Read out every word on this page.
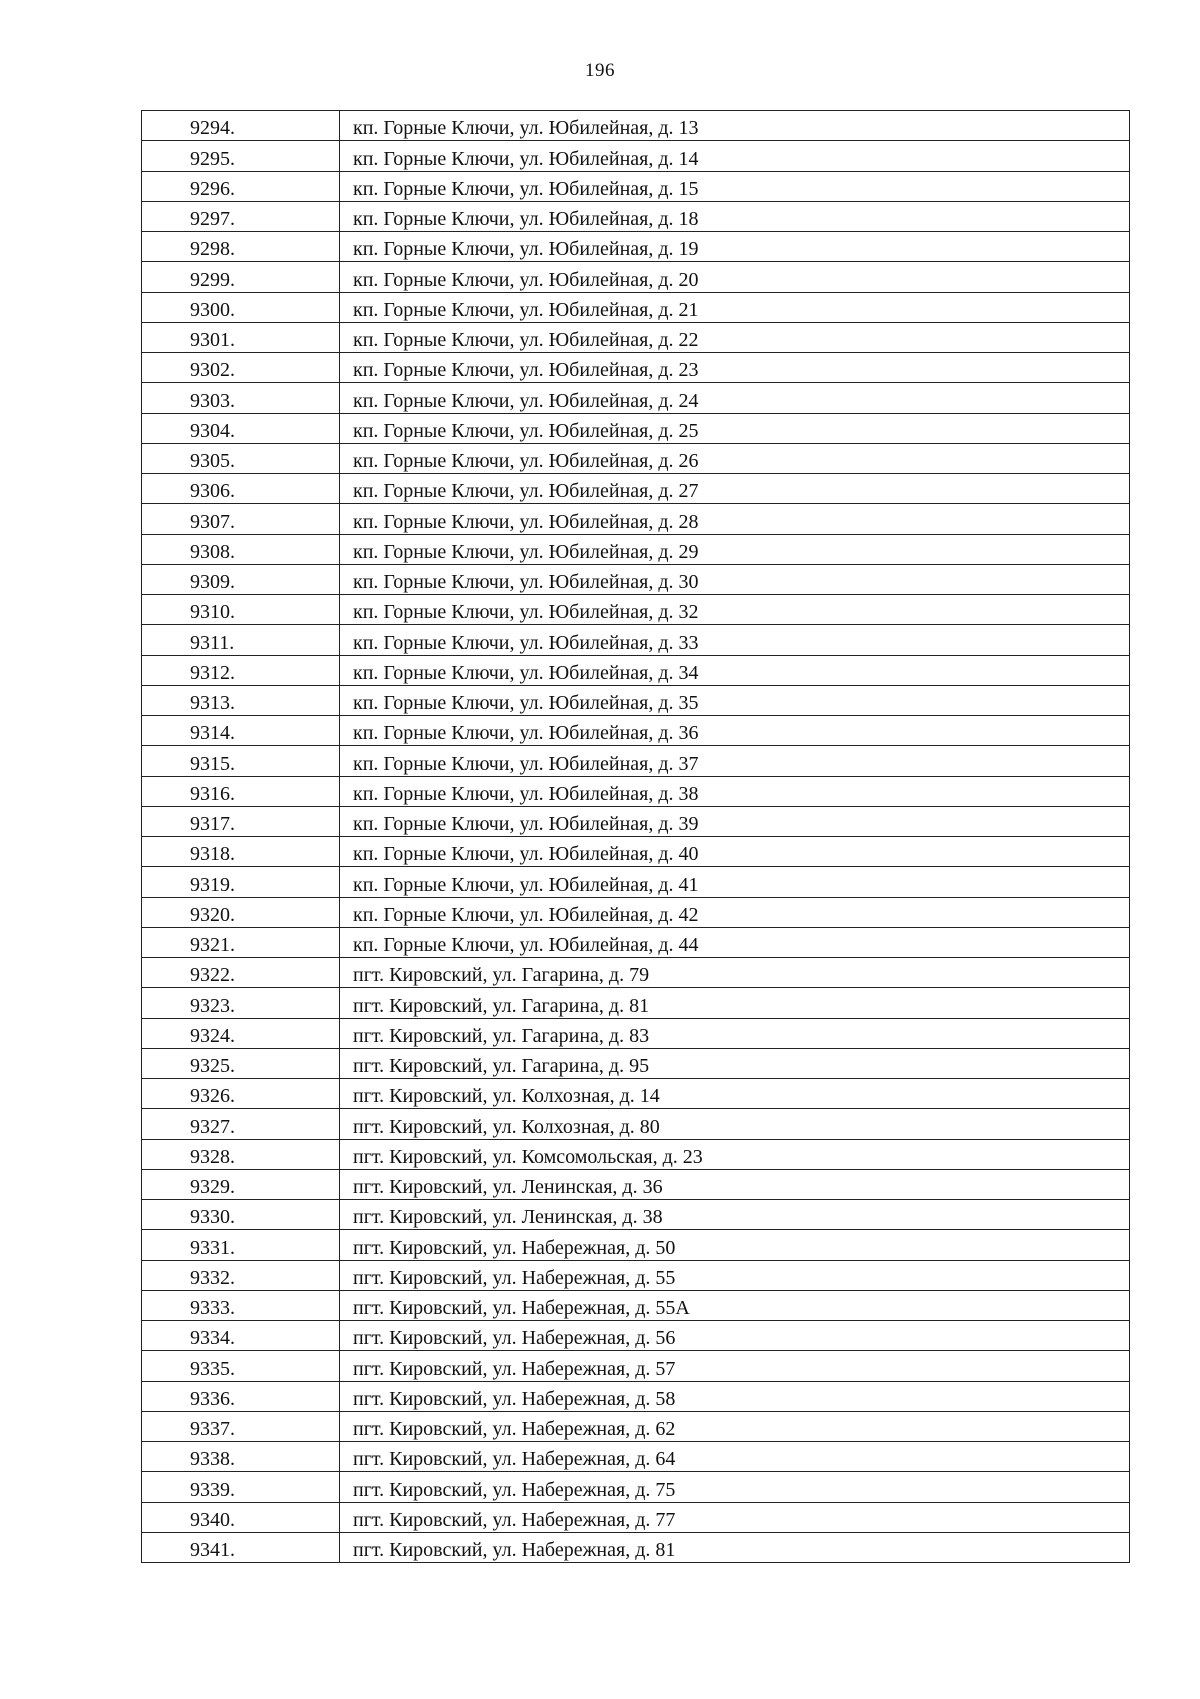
196
9294.	кп. Горные Ключи, ул. Юбилейная, д. 13
9295.	кп. Горные Ключи, ул. Юбилейная, д. 14
9296.	кп. Горные Ключи, ул. Юбилейная, д. 15
9297.	кп. Горные Ключи, ул. Юбилейная, д. 18
9298.	кп. Горные Ключи, ул. Юбилейная, д. 19
9299.	кп. Горные Ключи, ул. Юбилейная, д. 20
9300.	кп. Горные Ключи, ул. Юбилейная, д. 21
9301.	кп. Горные Ключи, ул. Юбилейная, д. 22
9302.	кп. Горные Ключи, ул. Юбилейная, д. 23
9303.	кп. Горные Ключи, ул. Юбилейная, д. 24
9304.	кп. Горные Ключи, ул. Юбилейная, д. 25
9305.	кп. Горные Ключи, ул. Юбилейная, д. 26
9306.	кп. Горные Ключи, ул. Юбилейная, д. 27
9307.	кп. Горные Ключи, ул. Юбилейная, д. 28
9308.	кп. Горные Ключи, ул. Юбилейная, д. 29
9309.	кп. Горные Ключи, ул. Юбилейная, д. 30
9310.	кп. Горные Ключи, ул. Юбилейная, д. 32
9311.	кп. Горные Ключи, ул. Юбилейная, д. 33
9312.	кп. Горные Ключи, ул. Юбилейная, д. 34
9313.	кп. Горные Ключи, ул. Юбилейная, д. 35
9314.	кп. Горные Ключи, ул. Юбилейная, д. 36
9315.	кп. Горные Ключи, ул. Юбилейная, д. 37
9316.	кп. Горные Ключи, ул. Юбилейная, д. 38
9317.	кп. Горные Ключи, ул. Юбилейная, д. 39
9318.	кп. Горные Ключи, ул. Юбилейная, д. 40
9319.	кп. Горные Ключи, ул. Юбилейная, д. 41
9320.	кп. Горные Ключи, ул. Юбилейная, д. 42
9321.	кп. Горные Ключи, ул. Юбилейная, д. 44
9322.	пгт. Кировский, ул. Гагарина, д. 79
9323.	пгт. Кировский, ул. Гагарина, д. 81
9324.	пгт. Кировский, ул. Гагарина, д. 83
9325.	пгт. Кировский, ул. Гагарина, д. 95
9326.	пгт. Кировский, ул. Колхозная, д. 14
9327.	пгт. Кировский, ул. Колхозная, д. 80
9328.	пгт. Кировский, ул. Комсомольская, д. 23
9329.	пгт. Кировский, ул. Ленинская, д. 36
9330.	пгт. Кировский, ул. Ленинская, д. 38
9331.	пгт. Кировский, ул. Набережная, д. 50
9332.	пгт. Кировский, ул. Набережная, д. 55
9333.	пгт. Кировский, ул. Набережная, д. 55А
9334.	пгт. Кировский, ул. Набережная, д. 56
9335.	пгт. Кировский, ул. Набережная, д. 57
9336.	пгт. Кировский, ул. Набережная, д. 58
9337.	пгт. Кировский, ул. Набережная, д. 62
9338.	пгт. Кировский, ул. Набережная, д. 64
9339.	пгт. Кировский, ул. Набережная, д. 75
9340.	пгт. Кировский, ул. Набережная, д. 77
9341.	пгт. Кировский, ул. Набережная, д. 81
